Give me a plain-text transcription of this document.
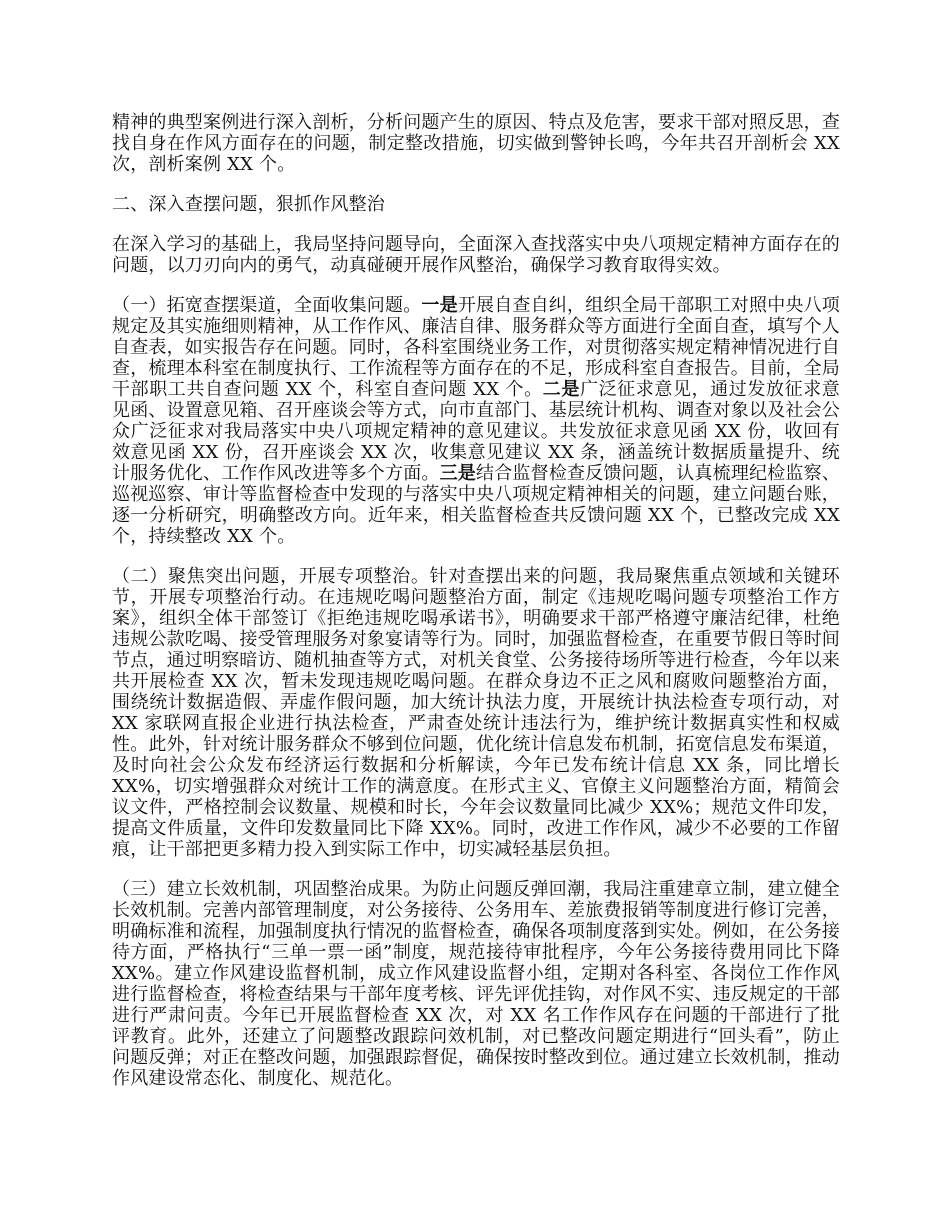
精神的典型案例进行深入剖析，分析问题产生的原因、特点及危害，要求干部对照反思，查找自身在作风方面存在的问题，制定整改措施，切实做到警钟长鸣，今年共召开剖析会 XX 次，剖析案例 XX 个。

二、深入查摆问题，狠抓作风整治

在深入学习的基础上，我局坚持问题导向，全面深入查找落实中央八项规定精神方面存在的问题，以刀刃向内的勇气，动真碰硬开展作风整治，确保学习教育取得实效。

（一）拓宽查摆渠道，全面收集问题。一是开展自查自纠，组织全局干部职工对照中央八项规定及其实施细则精神，从工作作风、廉洁自律、服务群众等方面进行全面自查，填写个人自查表，如实报告存在问题。同时，各科室围绕业务工作，对贯彻落实规定精神情况进行自查，梳理本科室在制度执行、工作流程等方面存在的不足，形成科室自查报告。目前，全局干部职工共自查问题 XX 个，科室自查问题 XX 个。二是广泛征求意见，通过发放征求意见函、设置意见箱、召开座谈会等方式，向市直部门、基层统计机构、调查对象以及社会公众广泛征求对我局落实中央八项规定精神的意见建议。共发放征求意见函 XX 份，收回有效意见函 XX 份，召开座谈会 XX 次，收集意见建议 XX 条，涵盖统计数据质量提升、统计服务优化、工作作风改进等多个方面。三是结合监督检查反馈问题，认真梳理纪检监察、巡视巡察、审计等监督检查中发现的与落实中央八项规定精神相关的问题，建立问题台账，逐一分析研究，明确整改方向。近年来，相关监督检查共反馈问题 XX 个，已整改完成 XX 个，持续整改 XX 个。

（二）聚焦突出问题，开展专项整治。针对查摆出来的问题，我局聚焦重点领域和关键环节，开展专项整治行动。在违规吃喝问题整治方面，制定《违规吃喝问题专项整治工作方案》，组织全体干部签订《拒绝违规吃喝承诺书》，明确要求干部严格遵守廉洁纪律，杜绝违规公款吃喝、接受管理服务对象宴请等行为。同时，加强监督检查，在重要节假日等时间节点，通过明察暗访、随机抽查等方式，对机关食堂、公务接待场所等进行检查，今年以来共开展检查 XX 次，暂未发现违规吃喝问题。在群众身边不正之风和腐败问题整治方面，围绕统计数据造假、弄虚作假问题，加大统计执法力度，开展统计执法检查专项行动，对 XX 家联网直报企业进行执法检查，严肃查处统计违法行为，维护统计数据真实性和权威性。此外，针对统计服务群众不够到位问题，优化统计信息发布机制，拓宽信息发布渠道，及时向社会公众发布经济运行数据和分析解读，今年已发布统计信息 XX 条，同比增长 XX%，切实增强群众对统计工作的满意度。在形式主义、官僚主义问题整治方面，精简会议文件，严格控制会议数量、规模和时长，今年会议数量同比减少 XX%；规范文件印发，提高文件质量，文件印发数量同比下降 XX%。同时，改进工作作风，减少不必要的工作留痕，让干部把更多精力投入到实际工作中，切实减轻基层负担。

（三）建立长效机制，巩固整治成果。为防止问题反弹回潮，我局注重建章立制，建立健全长效机制。完善内部管理制度，对公务接待、公务用车、差旅费报销等制度进行修订完善，明确标准和流程，加强制度执行情况的监督检查，确保各项制度落到实处。例如，在公务接待方面，严格执行“三单一票一函”制度，规范接待审批程序，今年公务接待费用同比下降 XX%。建立作风建设监督机制，成立作风建设监督小组，定期对各科室、各岗位工作作风进行监督检查，将检查结果与干部年度考核、评先评优挂钩，对作风不实、违反规定的干部进行严肃问责。今年已开展监督检查 XX 次，对 XX 名工作作风存在问题的干部进行了批评教育。此外，还建立了问题整改跟踪问效机制，对已整改问题定期进行“回头看”，防止问题反弹；对正在整改问题，加强跟踪督促，确保按时整改到位。通过建立长效机制，推动作风建设常态化、制度化、规范化。
